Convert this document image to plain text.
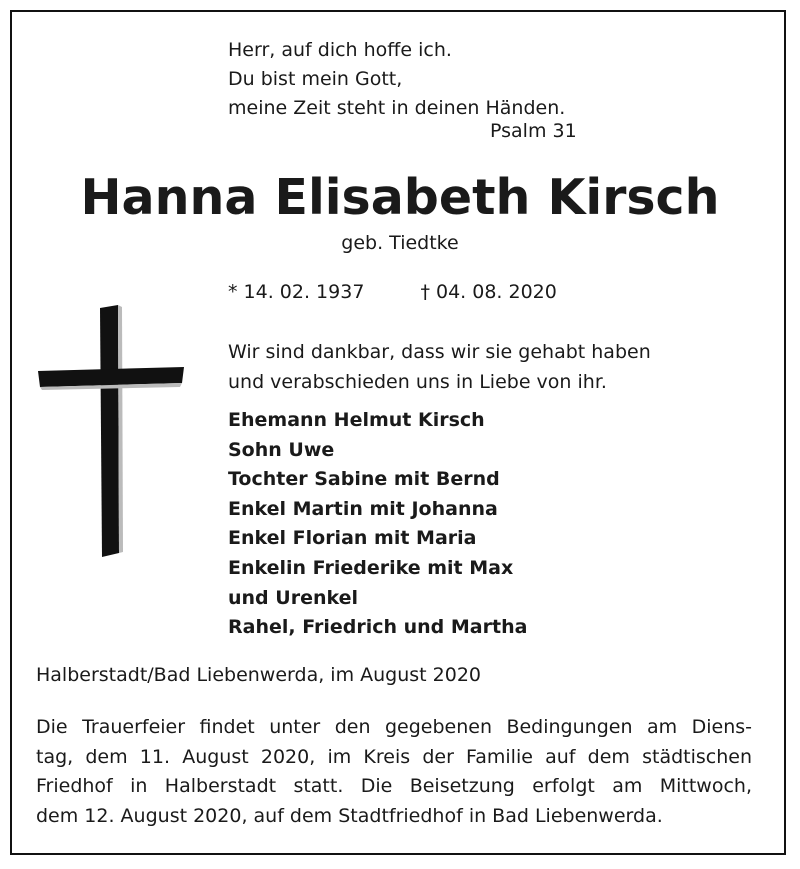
Herr, auf dich hoffe ich.
Du bist mein Gott,
meine Zeit steht in deinen Händen.
Psalm 31
Hanna Elisabeth Kirsch
geb. Tiedtke
* 14. 02. 1937	† 04. 08. 2020
Wir sind dankbar, dass wir sie gehabt haben
und verabschieden uns in Liebe von ihr.
Ehemann Helmut Kirsch
Sohn Uwe
Tochter Sabine mit Bernd
Enkel Martin mit Johanna
Enkel Florian mit Maria
Enkelin Friederike mit Max
und Urenkel
Rahel, Friedrich und Martha
Halberstadt/Bad Liebenwerda, im August 2020
Die Trauerfeier findet unter den gegebenen Bedingungen am Diens-
tag, dem 11. August 2020, im Kreis der Familie auf dem städtischen
Friedhof in Halberstadt statt. Die Beisetzung erfolgt am Mittwoch,
dem 12. August 2020, auf dem Stadtfriedhof in Bad Liebenwerda.
